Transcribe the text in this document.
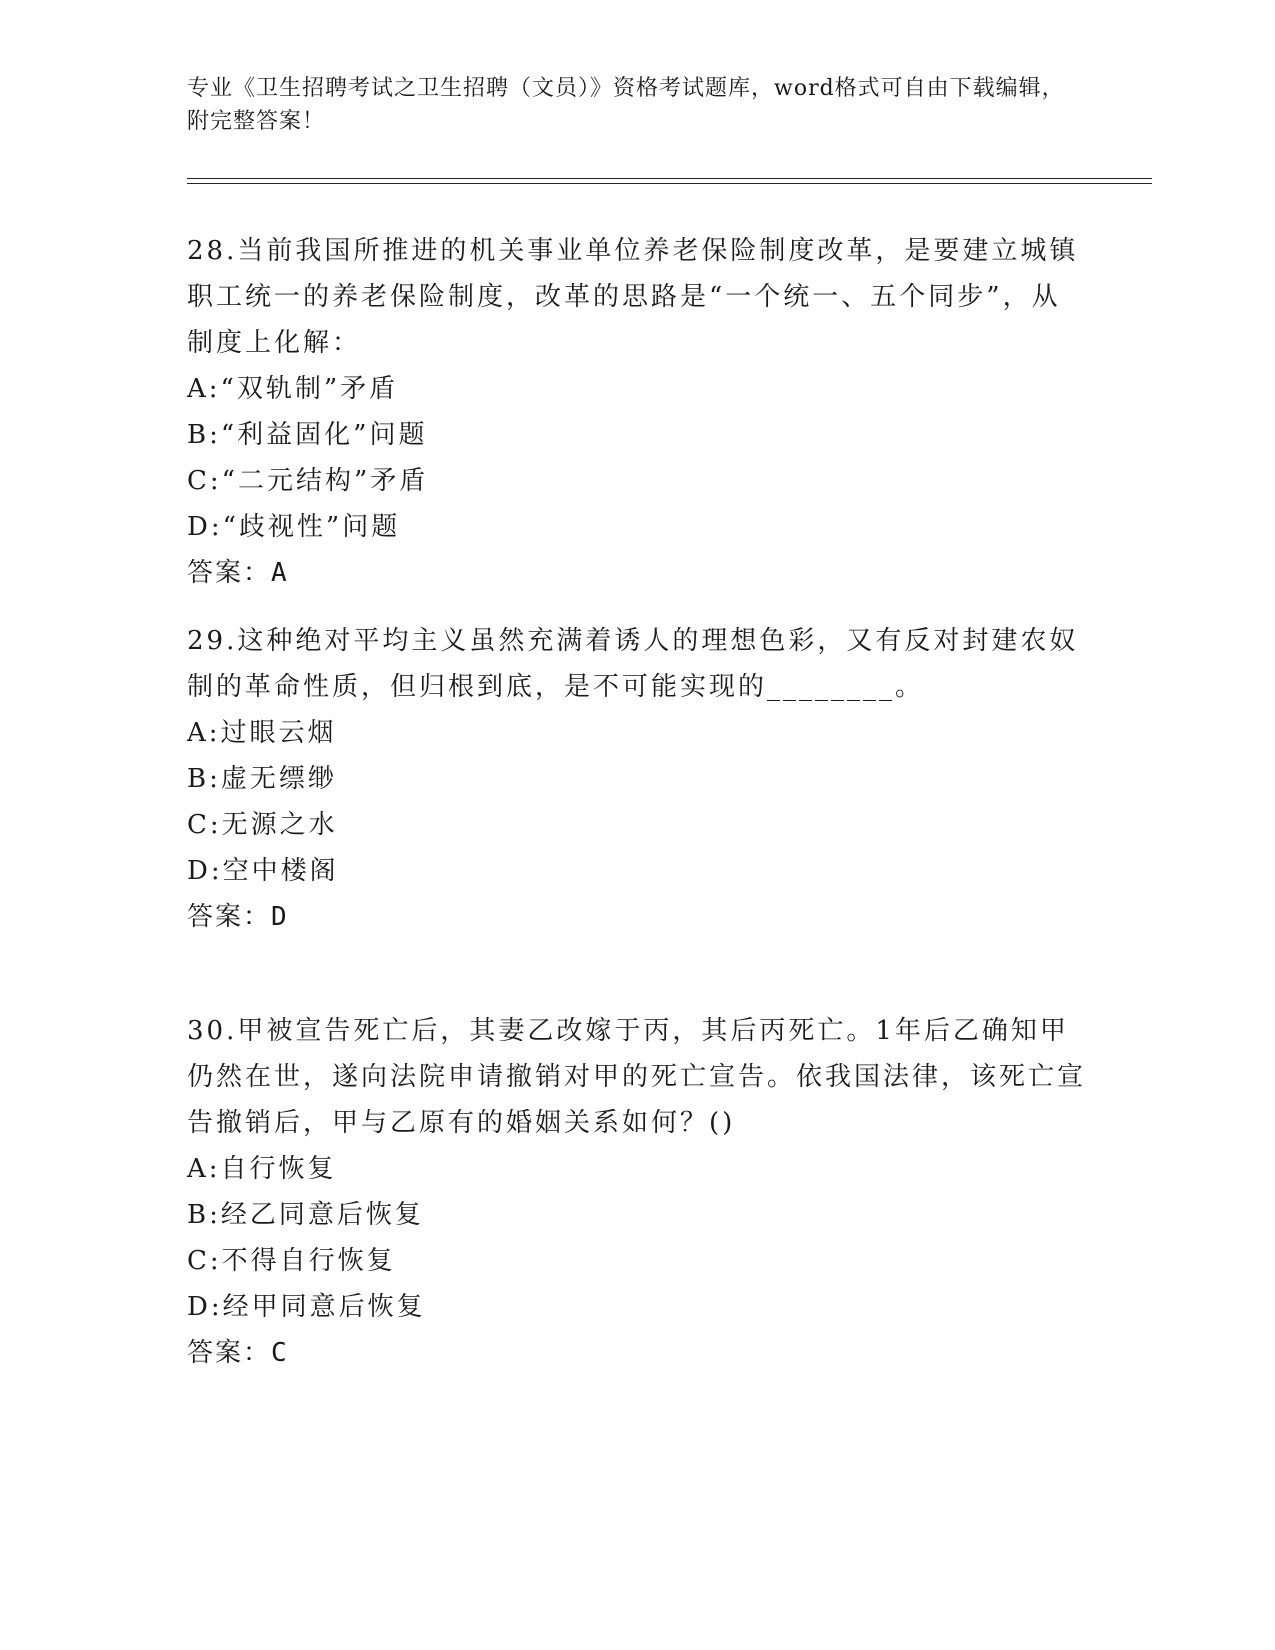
专业《卫生招聘考试之卫生招聘（文员）》资格考试题库，word格式可自由下载编辑，附完整答案！

28.当前我国所推进的机关事业单位养老保险制度改革，是要建立城镇职工统一的养老保险制度，改革的思路是“一个统一、五个同步”，从制度上化解：

A:“双轨制”矛盾
B:“利益固化”问题
C:“二元结构”矛盾
D:“歧视性”问题
答案：A

29.这种绝对平均主义虽然充满着诱人的理想色彩，又有反对封建农奴制的革命性质，但归根到底，是不可能实现的________。

A:过眼云烟
B:虚无缥缈
C:无源之水
D:空中楼阁
答案：D

30.甲被宣告死亡后，其妻乙改嫁于丙，其后丙死亡。1年后乙确知甲仍然在世，遂向法院申请撤销对甲的死亡宣告。依我国法律，该死亡宣告撤销后，甲与乙原有的婚姻关系如何？()

A:自行恢复
B:经乙同意后恢复
C:不得自行恢复
D:经甲同意后恢复
答案：C
